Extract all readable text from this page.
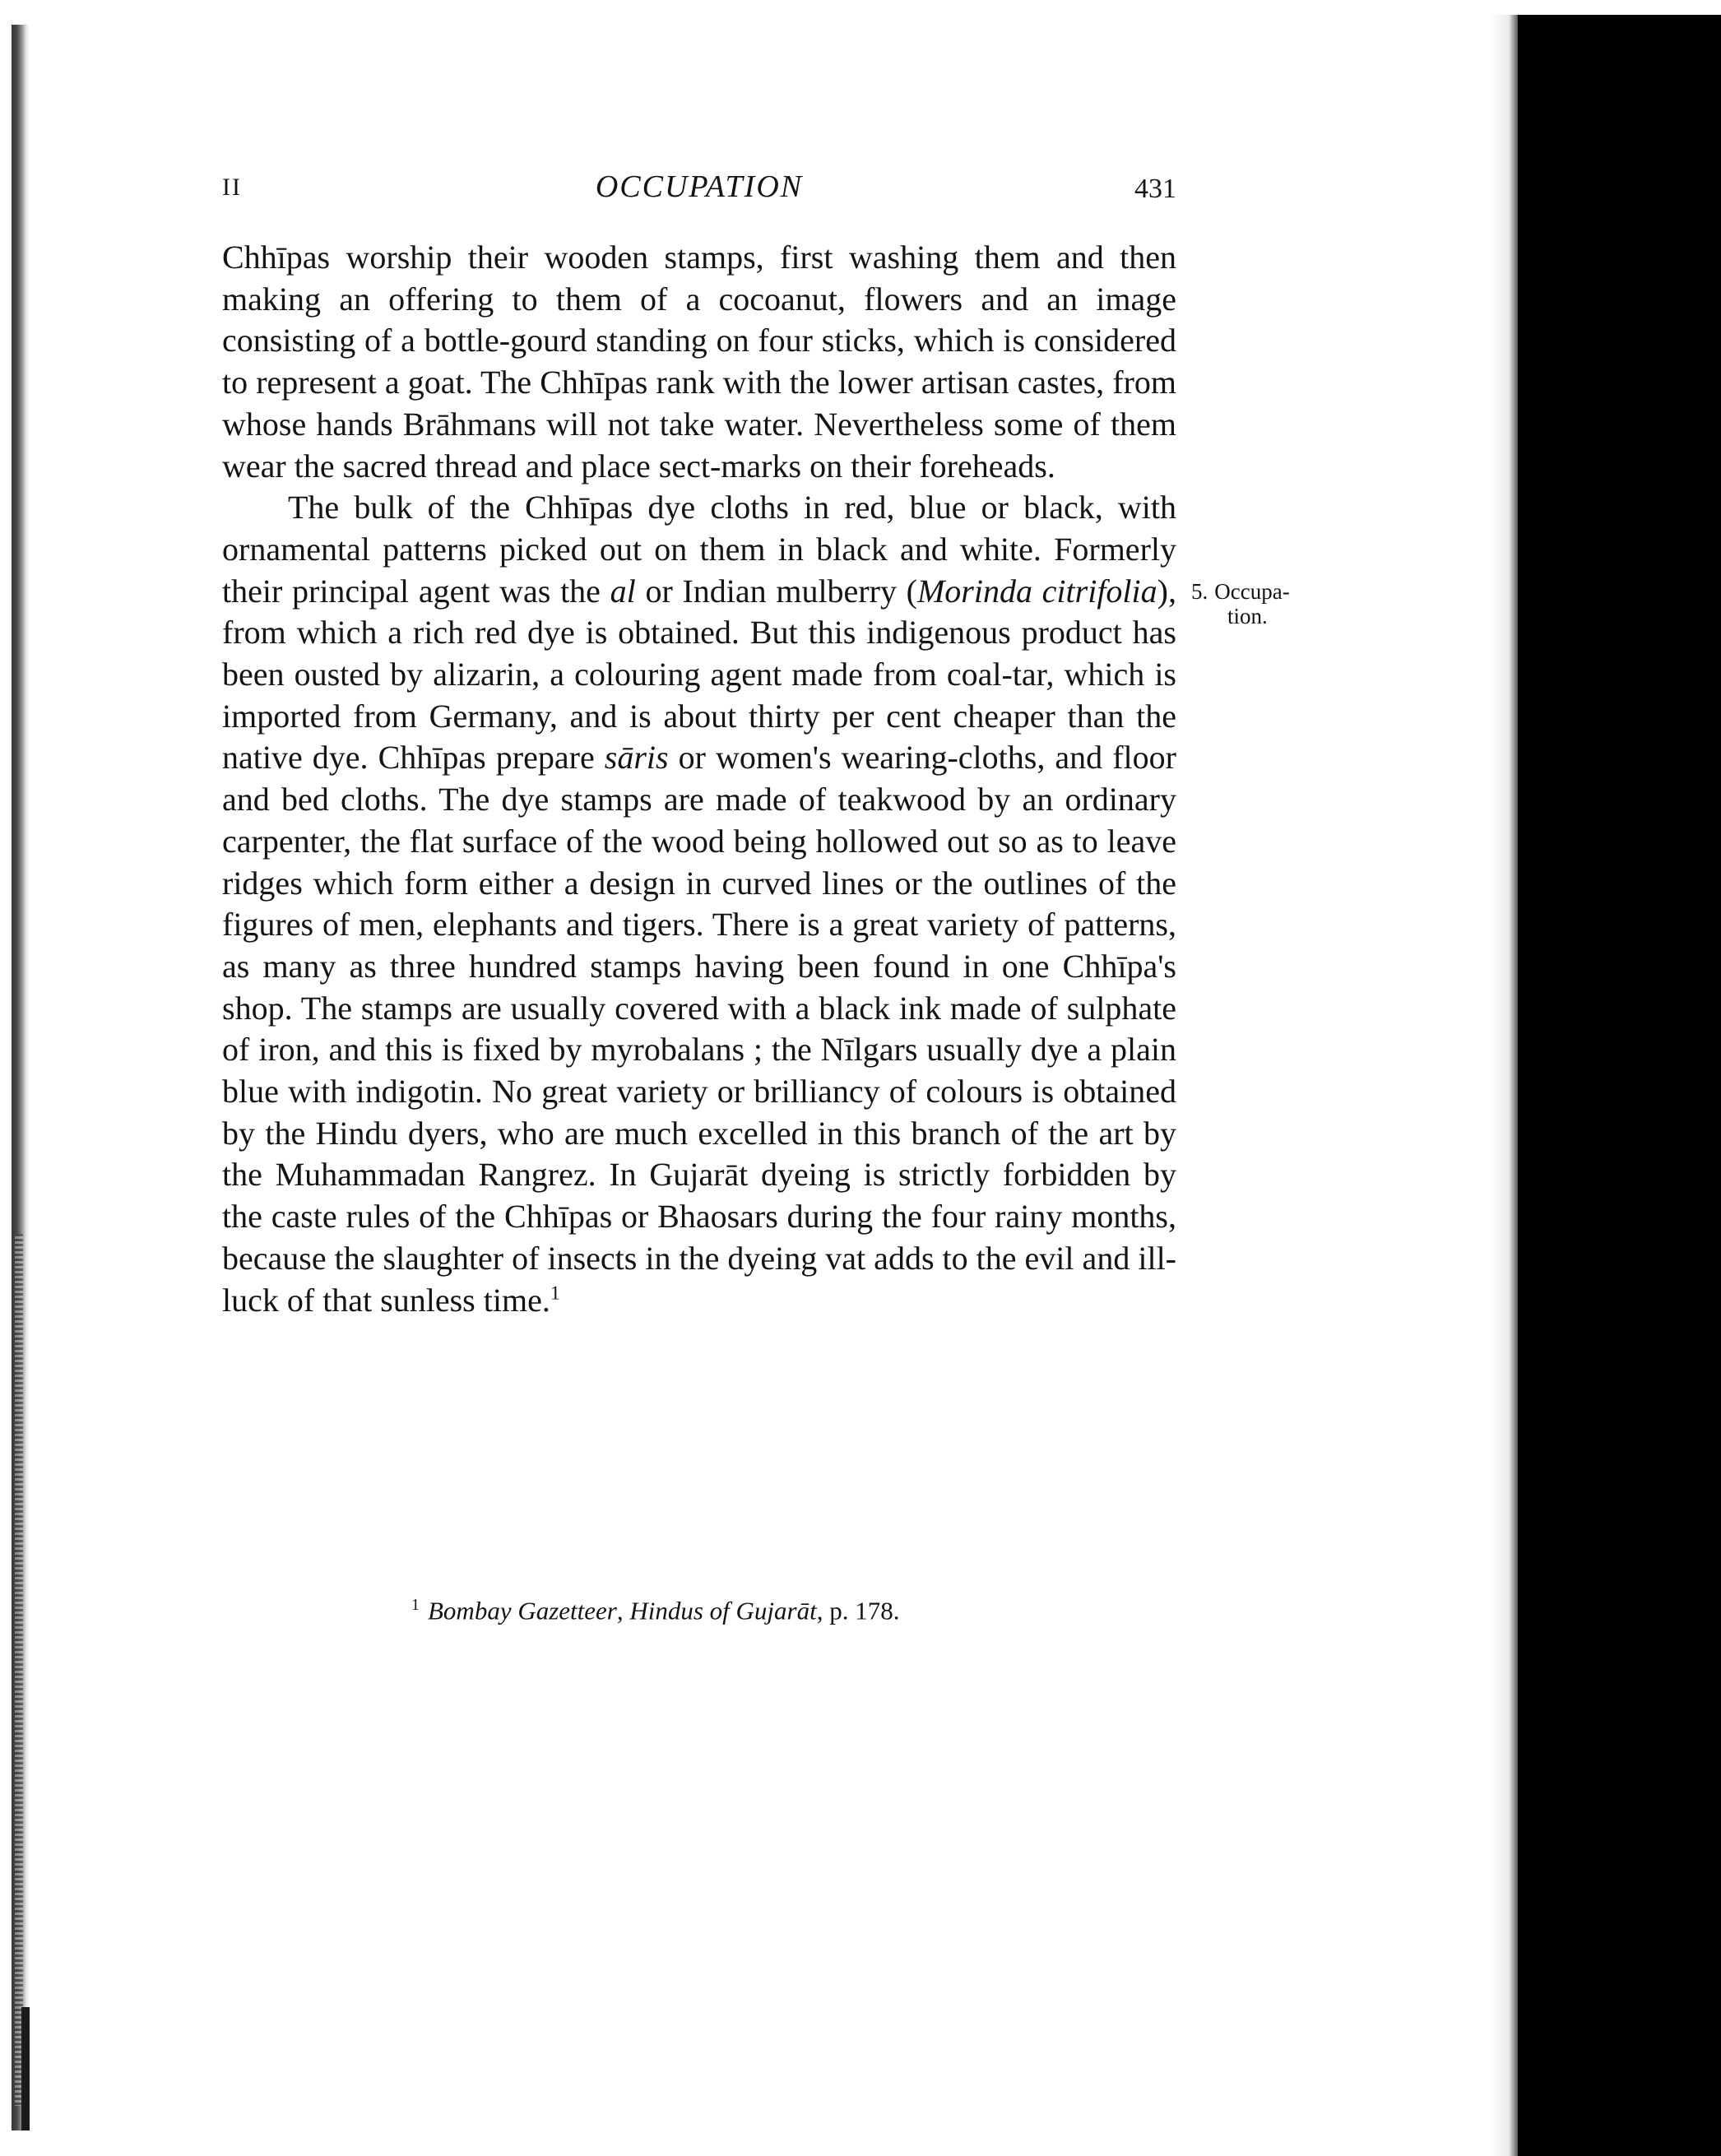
II	OCCUPATION	431

Chhīpas worship their wooden stamps, first washing them and then making an offering to them of a cocoanut, flowers and an image consisting of a bottle-gourd standing on four sticks, which is considered to represent a goat. The Chhīpas rank with the lower artisan castes, from whose hands Brāhmans will not take water. Nevertheless some of them wear the sacred thread and place sect-marks on their foreheads.

The bulk of the Chhīpas dye cloths in red, blue or black, with ornamental patterns picked out on them in black and white. Formerly their principal agent was the al or Indian mulberry (Morinda citrifolia), from which a rich red dye is obtained. But this indigenous product has been ousted by alizarin, a colouring agent made from coal-tar, which is imported from Germany, and is about thirty per cent cheaper than the native dye. Chhīpas prepare sāris or women's wearing-cloths, and floor and bed cloths. The dye stamps are made of teakwood by an ordinary carpenter, the flat surface of the wood being hollowed out so as to leave ridges which form either a design in curved lines or the outlines of the figures of men, elephants and tigers. There is a great variety of patterns, as many as three hundred stamps having been found in one Chhīpa's shop. The stamps are usually covered with a black ink made of sulphate of iron, and this is fixed by myrobalans ; the Nīlgars usually dye a plain blue with indigotin. No great variety or brilliancy of colours is obtained by the Hindu dyers, who are much excelled in this branch of the art by the Muhammadan Rangrez. In Gujarāt dyeing is strictly forbidden by the caste rules of the Chhīpas or Bhaosars during the four rainy months, because the slaughter of insects in the dyeing vat adds to the evil and ill-luck of that sunless time.$^1$

5. Occupa-
tion.
$^1$ Bombay Gazetteer, Hindus of Gujarāt, p. 178.
